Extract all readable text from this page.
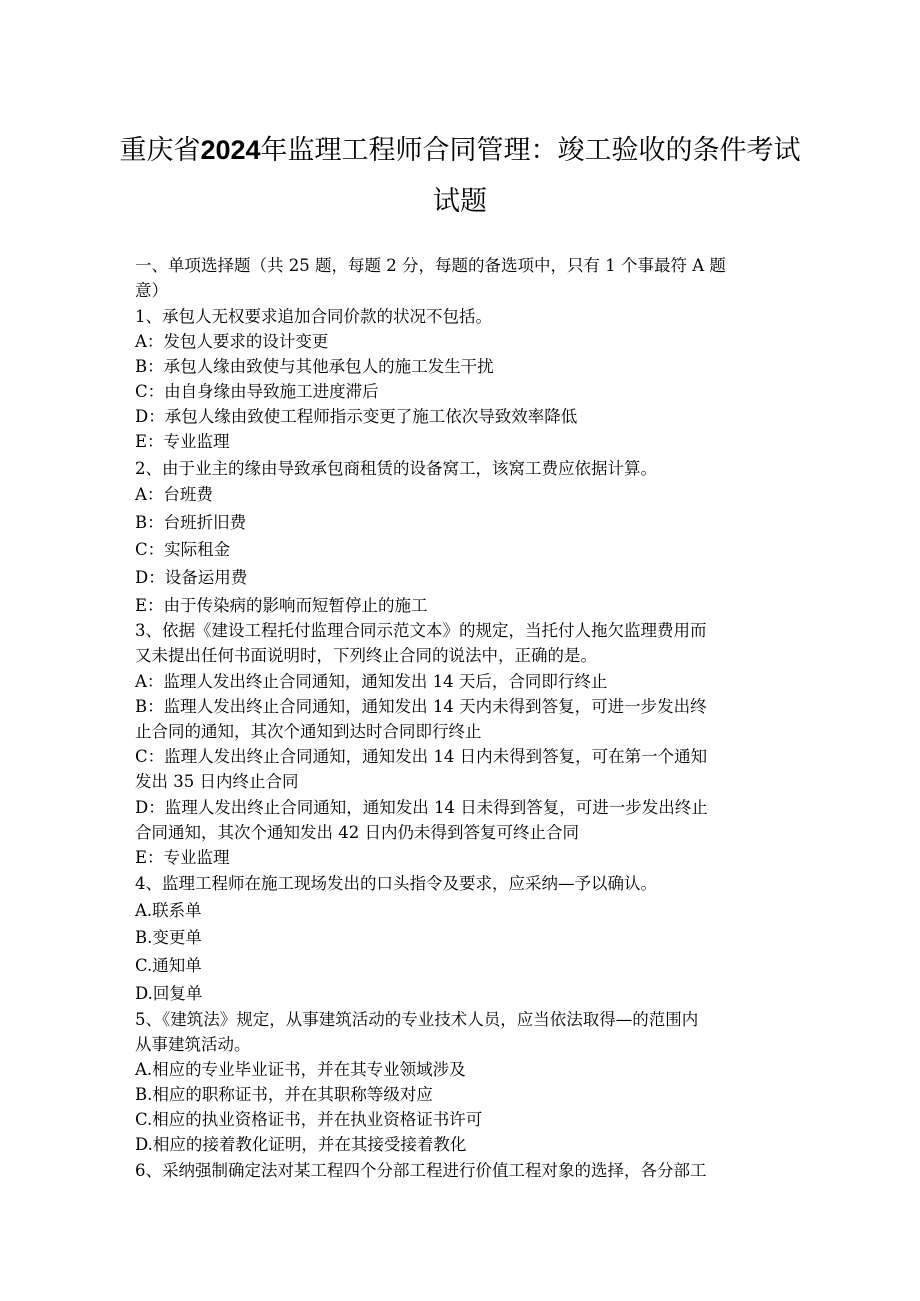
重庆省2024年监理工程师合同管理：竣工验收的条件考试
试题
一、单项选择题（共 25 题，每题 2 分，每题的备选项中，只有 1 个事最符 A 题
意）
1、承包人无权要求追加合同价款的状况不包括。
A：发包人要求的设计变更
B：承包人缘由致使与其他承包人的施工发生干扰
C：由自身缘由导致施工进度滞后
D：承包人缘由致使工程师指示变更了施工依次导致效率降低
E：专业监理
2、由于业主的缘由导致承包商租赁的设备窝工，该窝工费应依据计算。
A：台班费
B：台班折旧费
C：实际租金
D：设备运用费
E：由于传染病的影响而短暂停止的施工
3、依据《建设工程托付监理合同示范文本》的规定，当托付人拖欠监理费用而
又未提出任何书面说明时，下列终止合同的说法中，正确的是。
A：监理人发出终止合同通知，通知发出 14 天后，合同即行终止
B：监理人发出终止合同通知，通知发出 14 天内未得到答复，可进一步发出终
止合同的通知，其次个通知到达时合同即行终止
C：监理人发出终止合同通知，通知发出 14 日内未得到答复，可在第一个通知
发出 35 日内终止合同
D：监理人发出终止合同通知，通知发出 14 日未得到答复，可进一步发出终止
合同通知，其次个通知发出 42 日内仍未得到答复可终止合同
E：专业监理
4、监理工程师在施工现场发出的口头指令及要求，应采纳—予以确认。
A.联系单
B.变更单
C.通知单
D.回复单
5、《建筑法》规定，从事建筑活动的专业技术人员，应当依法取得—的范围内
从事建筑活动。
A.相应的专业毕业证书，并在其专业领域涉及
B.相应的职称证书，并在其职称等级对应
C.相应的执业资格证书，并在执业资格证书许可
D.相应的接着教化证明，并在其接受接着教化
6、采纳强制确定法对某工程四个分部工程进行价值工程对象的选择，各分部工
